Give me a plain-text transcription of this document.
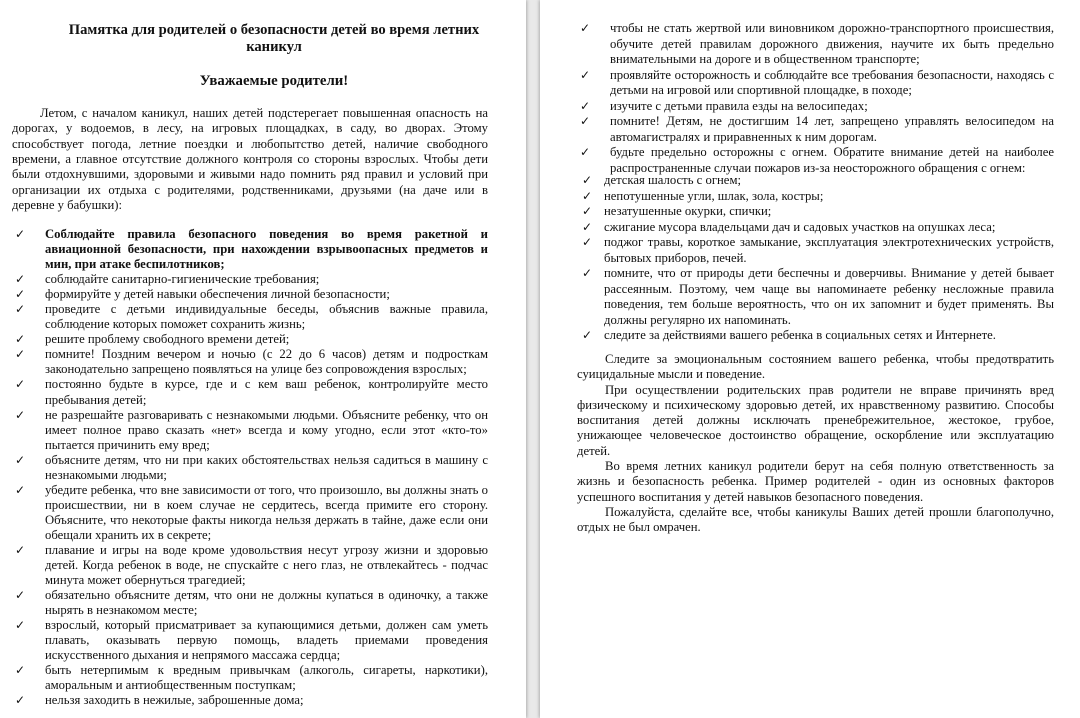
Памятка для родителей о безопасности детей во время летних каникул
Уважаемые родители!

Летом, с началом каникул, наших детей подстерегает повышенная опасность на дорогах, у водоемов, в лесу, на игровых площадках, в саду, во дворах. Этому способствует погода, летние поездки и любопытство детей, наличие свободного времени, а главное отсутствие должного контроля со стороны взрослых. Чтобы дети были отдохнувшими, здоровыми и живыми надо помнить ряд правил и условий при организации их отдыха с родителями, родственниками, друзьями (на даче или в деревне у бабушки):

✓ Соблюдайте правила безопасного поведения во время ракетной и авиационной безопасности, при нахождении взрывоопасных предметов и мин, при атаке беспилотников;
✓ соблюдайте санитарно-гигиенические требования;
✓ формируйте у детей навыки обеспечения личной безопасности;
✓ проведите с детьми индивидуальные беседы, объяснив важные правила, соблюдение которых поможет сохранить жизнь;
✓ решите проблему свободного времени детей;
✓ помните! Поздним вечером и ночью (с 22 до 6 часов) детям и подросткам законодательно запрещено появляться на улице без сопровождения взрослых;
✓ постоянно будьте в курсе, где и с кем ваш ребенок, контролируйте место пребывания детей;
✓ не разрешайте разговаривать с незнакомыми людьми. Объясните ребенку, что он имеет полное право сказать «нет» всегда и кому угодно, если этот «кто-то» пытается причинить ему вред;
✓ объясните детям, что ни при каких обстоятельствах нельзя садиться в машину с незнакомыми людьми;
✓ убедите ребенка, что вне зависимости от того, что произошло, вы должны знать о происшествии, ни в коем случае не сердитесь, всегда примите его сторону. Объясните, что некоторые факты никогда нельзя держать в тайне, даже если они обещали хранить их в секрете;
✓ плавание и игры на воде кроме удовольствия несут угрозу жизни и здоровью детей. Когда ребенок в воде, не спускайте с него глаз, не отвлекайтесь - подчас минута может обернуться трагедией;
✓ обязательно объясните детям, что они не должны купаться в одиночку, а также нырять в незнакомом месте;
✓ взрослый, который присматривает за купающимися детьми, должен сам уметь плавать, оказывать первую помощь, владеть приемами проведения искусственного дыхания и непрямого массажа сердца;
✓ быть нетерпимым к вредным привычкам (алкоголь, сигареты, наркотики), аморальным и антиобщественным поступкам;
✓ нельзя заходить в нежилые, заброшенные дома;
✓ чтобы не стать жертвой или виновником дорожно-транспортного происшествия, обучите детей правилам дорожного движения, научите их быть предельно внимательными на дороге и в общественном транспорте;
✓ проявляйте осторожность и соблюдайте все требования безопасности, находясь с детьми на игровой или спортивной площадке, в походе;
✓ изучите с детьми правила езды на велосипедах;
✓ помните! Детям, не достигшим 14 лет, запрещено управлять велосипедом на автомагистралях и приравненных к ним дорогам.
✓ будьте предельно осторожны с огнем. Обратите внимание детей на наиболее распространенные случаи пожаров из-за неосторожного обращения с огнем:
✓ детская шалость с огнем;
✓ непотушенные угли, шлак, зола, костры;
✓ незатушенные окурки, спички;
✓ сжигание мусора владельцами дач и садовых участков на опушках леса;
✓ поджог травы, короткое замыкание, эксплуатация электротехнических устройств, бытовых приборов, печей.
✓ помните, что от природы дети беспечны и доверчивы. Внимание у детей бывает рассеянным. Поэтому, чем чаще вы напоминаете ребенку несложные правила поведения, тем больше вероятность, что он их запомнит и будет применять. Вы должны регулярно их напоминать.
✓ следите за действиями вашего ребенка в социальных сетях и Интернете.

Следите за эмоциональным состоянием вашего ребенка, чтобы предотвратить суицидальные мысли и поведение.

При осуществлении родительских прав родители не вправе причинять вред физическому и психическому здоровью детей, их нравственному развитию. Способы воспитания детей должны исключать пренебрежительное, жестокое, грубое, унижающее человеческое достоинство обращение, оскорбление или эксплуатацию детей.

Во время летних каникул родители берут на себя полную ответственность за жизнь и безопасность ребенка. Пример родителей - один из основных факторов успешного воспитания у детей навыков безопасного поведения.

Пожалуйста, сделайте все, чтобы каникулы Ваших детей прошли благополучно, отдых не был омрачен.
